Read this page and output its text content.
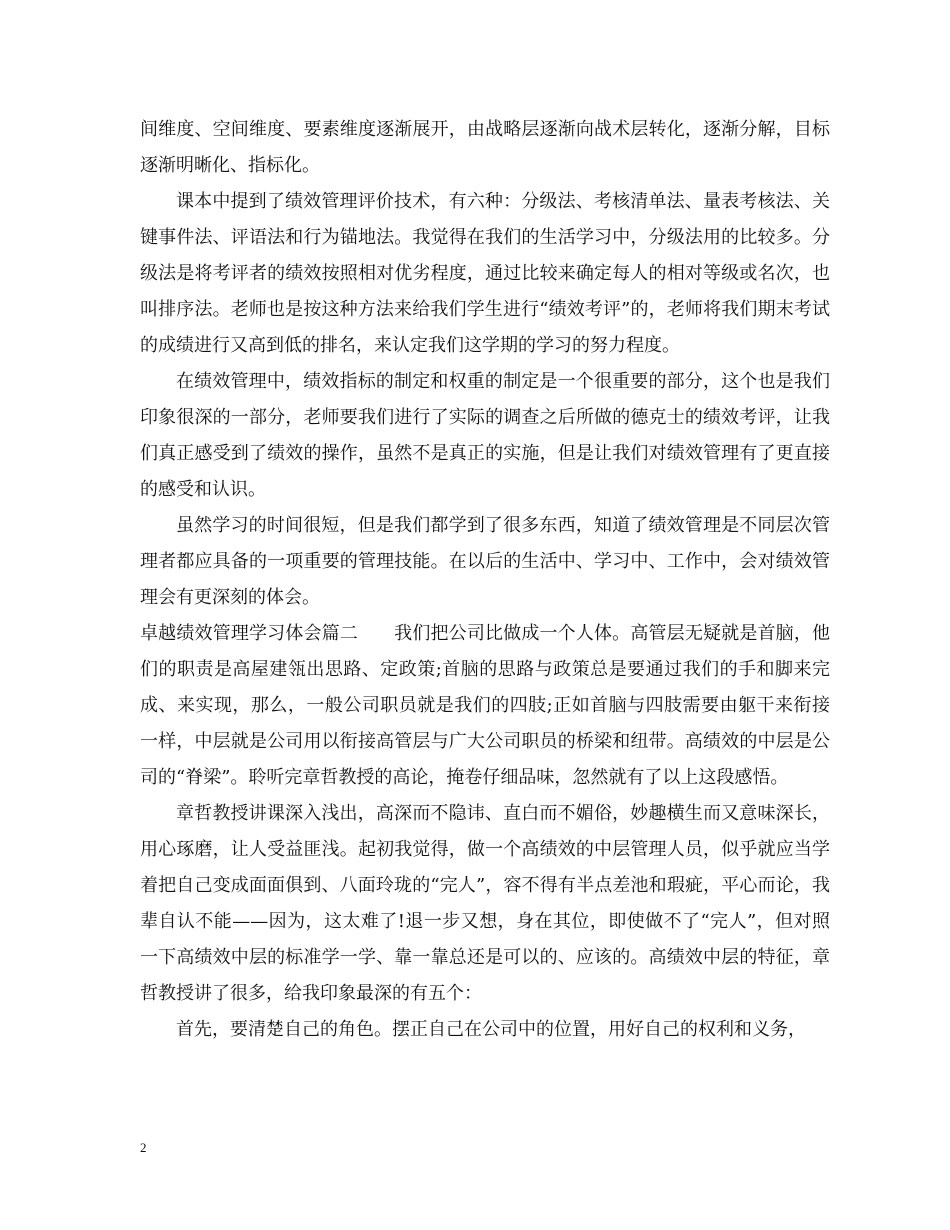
间维度、空间维度、要素维度逐渐展开，由战略层逐渐向战术层转化，逐渐分解，目标逐渐明晰化、指标化。

课本中提到了绩效管理评价技术，有六种：分级法、考核清单法、量表考核法、关键事件法、评语法和行为锚地法。我觉得在我们的生活学习中，分级法用的比较多。分级法是将考评者的绩效按照相对优劣程度，通过比较来确定每人的相对等级或名次，也叫排序法。老师也是按这种方法来给我们学生进行“绩效考评”的，老师将我们期末考试的成绩进行又高到低的排名，来认定我们这学期的学习的努力程度。

在绩效管理中，绩效指标的制定和权重的制定是一个很重要的部分，这个也是我们印象很深的一部分，老师要我们进行了实际的调查之后所做的德克士的绩效考评，让我们真正感受到了绩效的操作，虽然不是真正的实施，但是让我们对绩效管理有了更直接的感受和认识。

虽然学习的时间很短，但是我们都学到了很多东西，知道了绩效管理是不同层次管理者都应具备的一项重要的管理技能。在以后的生活中、学习中、工作中，会对绩效管理会有更深刻的体会。

卓越绩效管理学习体会篇二 我们把公司比做成一个人体。高管层无疑就是首脑，他们的职责是高屋建瓴出思路、定政策;首脑的思路与政策总是要通过我们的手和脚来完成、来实现，那么，一般公司职员就是我们的四肢;正如首脑与四肢需要由躯干来衔接一样，中层就是公司用以衔接高管层与广大公司职员的桥梁和纽带。高绩效的中层是公司的“脊梁”。聆听完章哲教授的高论，掩卷仔细品味，忽然就有了以上这段感悟。

章哲教授讲课深入浅出，高深而不隐讳、直白而不媚俗，妙趣横生而又意味深长，用心琢磨，让人受益匪浅。起初我觉得，做一个高绩效的中层管理人员，似乎就应当学着把自己变成面面俱到、八面玲珑的“完人”，容不得有半点差池和瑕疵，平心而论，我辈自认不能——因为，这太难了!退一步又想，身在其位，即使做不了“完人”，但对照一下高绩效中层的标准学一学、靠一靠总还是可以的、应该的。高绩效中层的特征，章哲教授讲了很多，给我印象最深的有五个：

首先，要清楚自己的角色。摆正自己在公司中的位置，用好自己的权利和义务，

2
